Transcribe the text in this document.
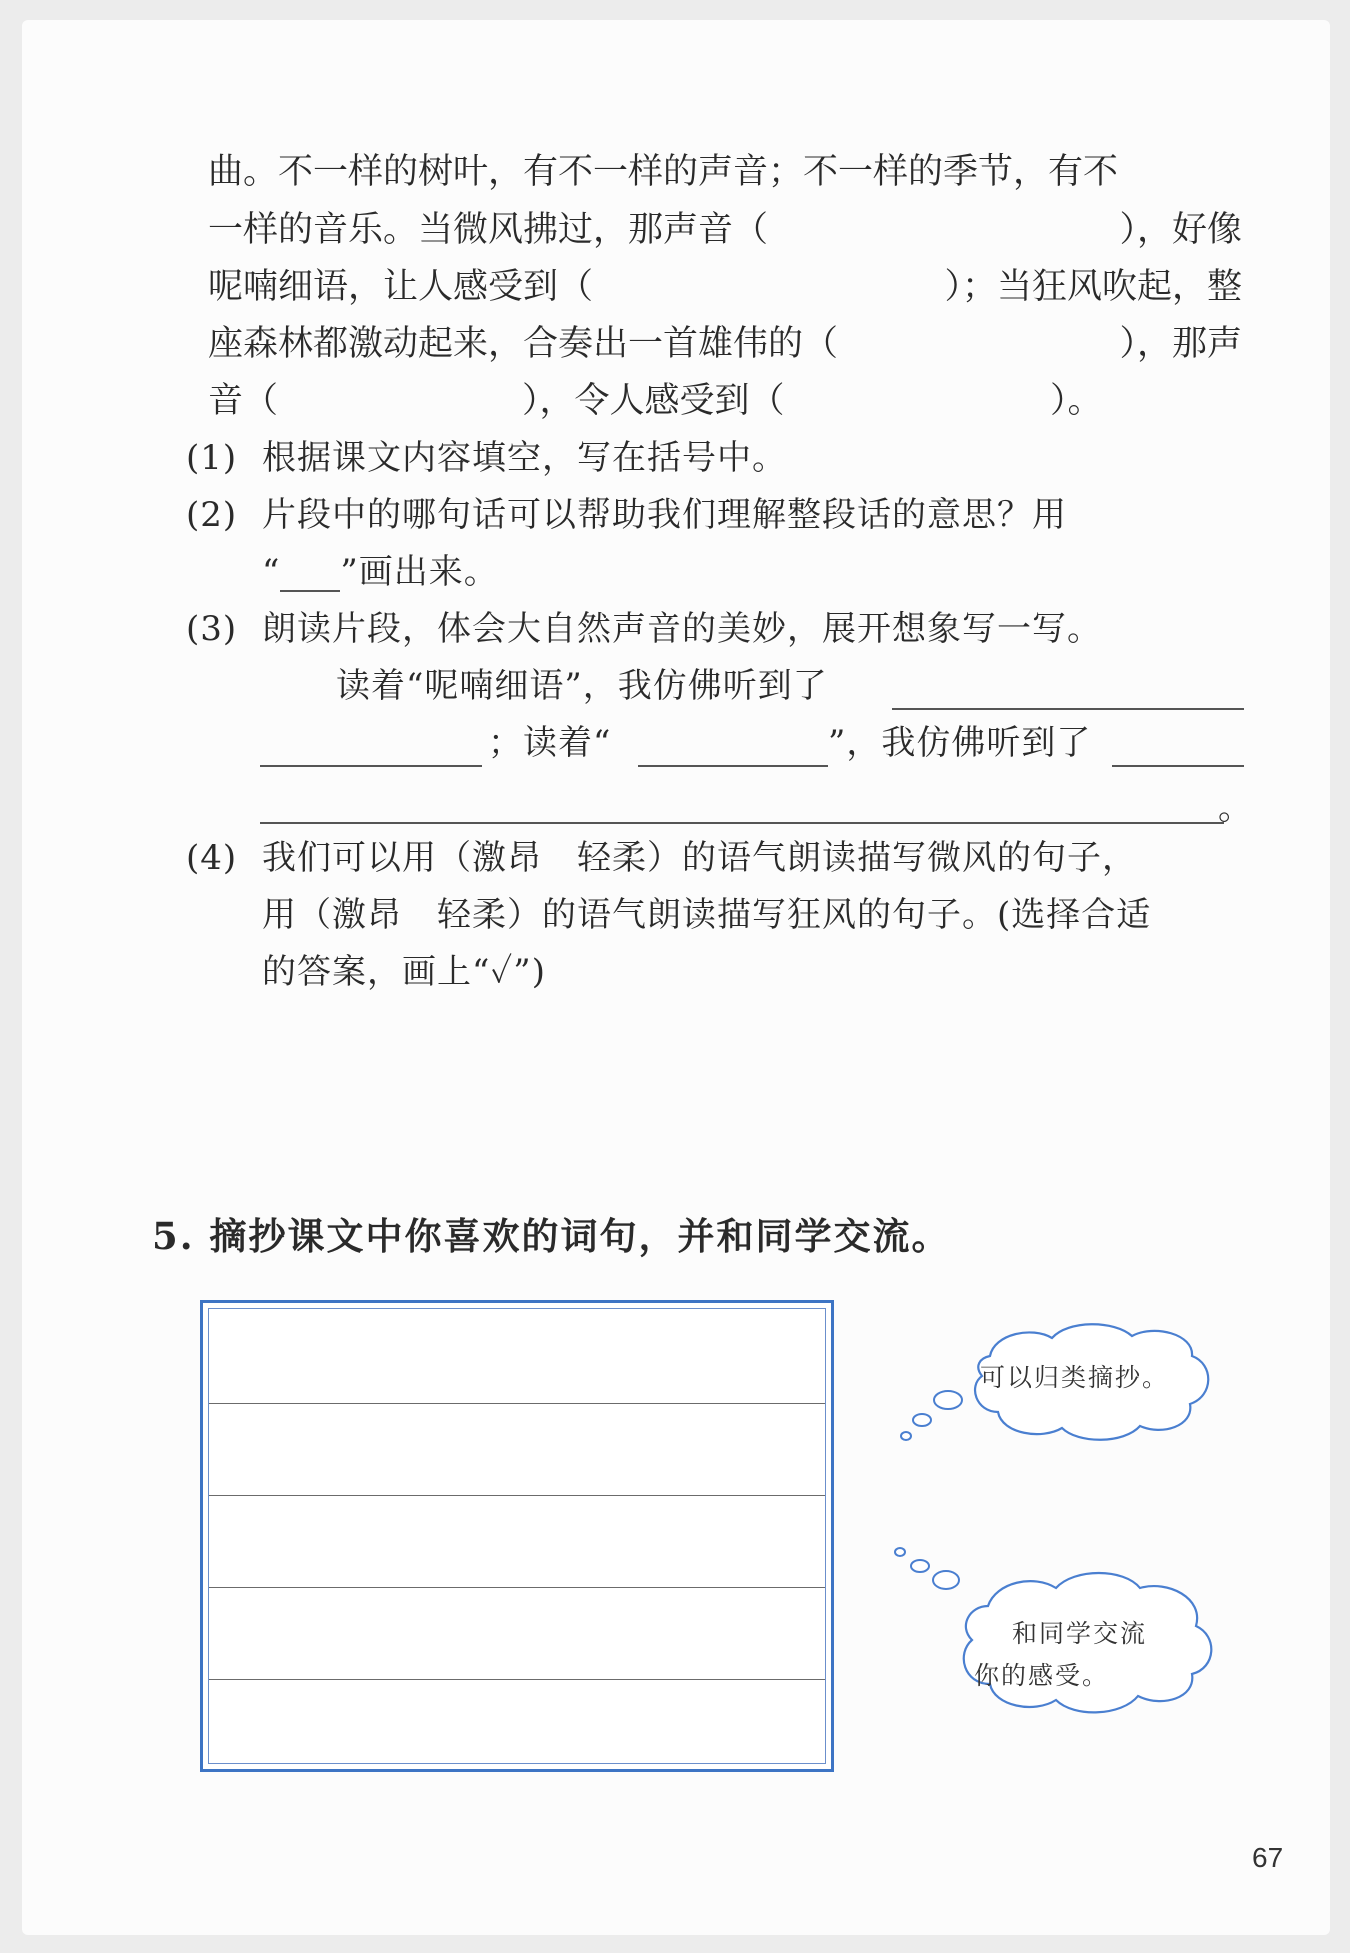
曲。不一样的树叶，有不一样的声音；不一样的季节，有不
一样的音乐。当微风拂过，那声音（	），好像
呢喃细语，让人感受到（	）；当狂风吹起，整
座森林都激动起来，合奏出一首雄伟的（	），那声
音（	），令人感受到（	）。
(1) 根据课文内容填空，写在括号中。
(2) 片段中的哪句话可以帮助我们理解整段话的意思？用
“ ”画出来。
(3) 朗读片段，体会大自然声音的美妙，展开想象写一写。
读着“呢喃细语”，我仿佛听到了
；读着“	”，我仿佛听到了
。
(4) 我们可以用（激昂　轻柔）的语气朗读描写微风的句子，
用（激昂　轻柔）的语气朗读描写狂风的句子。(选择合适
的答案，画上“✓”)
5. 摘抄课文中你喜欢的词句，并和同学交流。
可以归类摘抄。
和同学交流
你的感受。
67
